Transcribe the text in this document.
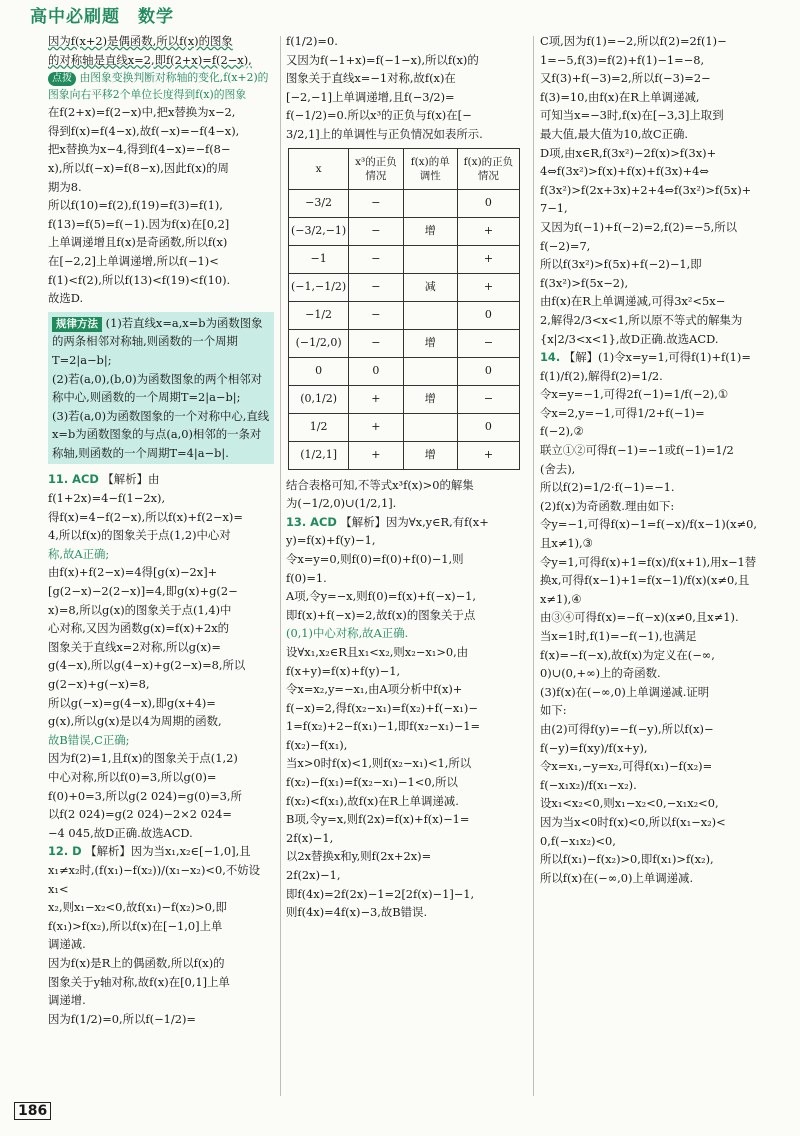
高中必刷题　数学

因为f(x+2)是偶函数,所以f(x)的图象

的对称轴是直线x=2,即f(2+x)=f(2−x),

点拨 由图象变换判断对称轴的变化,f(x+2)的图象向右平移2个单位长度得到f(x)的图象

在f(2+x)=f(2−x)中,把x替换为x−2,

得到f(x)=f(4−x),故f(−x)=−f(4−x),

把x替换为x−4,得到f(4−x)=−f(8−

x),所以f(−x)=f(8−x),因此f(x)的周

期为8.

所以f(10)=f(2),f(19)=f(3)=f(1),

f(13)=f(5)=f(−1).因为f(x)在[0,2]

上单调递增且f(x)是奇函数,所以f(x)

在[−2,2]上单调递增,所以f(−1)<

f(1)<f(2),所以f(13)<f(19)<f(10).

故选D.

规律方法 (1)若直线x=a,x=b为函数图象的两条相邻对称轴,则函数的一个周期T=2|a−b|;

(2)若(a,0),(b,0)为函数图象的两个相邻对称中心,则函数的一个周期T=2|a−b|;

(3)若(a,0)为函数图象的一个对称中心,直线x=b为函数图象的与点(a,0)相邻的一条对称轴,则函数的一个周期T=4|a−b|.

11. ACD 【解析】由f(1+2x)=4−f(1−2x),

得f(x)=4−f(2−x),所以f(x)+f(2−x)=

4,所以f(x)的图象关于点(1,2)中心对

称,故A正确;

由f(x)+f(2−x)=4得[g(x)−2x]+

[g(2−x)−2(2−x)]=4,即g(x)+g(2−

x)=8,所以g(x)的图象关于点(1,4)中

心对称,又因为函数g(x)=f(x)+2x的

图象关于直线x=2对称,所以g(x)=

g(4−x),所以g(4−x)+g(2−x)=8,所以

g(2−x)+g(−x)=8,

所以g(−x)=g(4−x),即g(x+4)=

g(x),所以g(x)是以4为周期的函数,

故B错误,C正确;

因为f(2)=1,且f(x)的图象关于点(1,2)

中心对称,所以f(0)=3,所以g(0)=

f(0)+0=3,所以g(2 024)=g(0)=3,所

以f(2 024)=g(2 024)−2×2 024=

−4 045,故D正确.故选ACD.

12. D 【解析】因为当x₁,x₂∈[−1,0],且

x₁≠x₂时,(f(x₁)−f(x₂))/(x₁−x₂)<0,不妨设x₁<

x₂,则x₁−x₂<0,故f(x₁)−f(x₂)>0,即

f(x₁)>f(x₂),所以f(x)在[−1,0]上单

调递减.

因为f(x)是R上的偶函数,所以f(x)的

图象关于y轴对称,故f(x)在[0,1]上单

调递增.

因为f(1/2)=0,所以f(−1/2)=

f(1/2)=0.

又因为f(−1+x)=f(−1−x),所以f(x)的

图象关于直线x=−1对称,故f(x)在

[−2,−1]上单调递增,且f(−3/2)=

f(−1/2)=0.所以x³的正负与f(x)在[−

3/2,1]上的单调性与正负情况如表所示.

x	x³的正负情况	f(x)的单调性	f(x)的正负情况
−3/2	−		0
(−3/2,−1)	−	增	+
−1	−		+
(−1,−1/2)	−	减	+
−1/2	−		0
(−1/2,0)	−	增	−
0	0		0
(0,1/2)	+	增	−
1/2	+		0
(1/2,1]	+	增	+

结合表格可知,不等式x³f(x)>0的解集

为(−1/2,0)∪(1/2,1].

13. ACD 【解析】因为∀x,y∈R,有f(x+

y)=f(x)+f(y)−1,

令x=y=0,则f(0)=f(0)+f(0)−1,则

f(0)=1.

A项,令y=−x,则f(0)=f(x)+f(−x)−1,

即f(x)+f(−x)=2,故f(x)的图象关于点

(0,1)中心对称,故A正确.

设∀x₁,x₂∈R且x₁<x₂,则x₂−x₁>0,由

f(x+y)=f(x)+f(y)−1,

令x=x₂,y=−x₁,由A项分析中f(x)+

f(−x)=2,得f(x₂−x₁)=f(x₂)+f(−x₁)−

1=f(x₂)+2−f(x₁)−1,即f(x₂−x₁)−1=

f(x₂)−f(x₁),

当x>0时f(x)<1,则f(x₂−x₁)<1,所以

f(x₂)−f(x₁)=f(x₂−x₁)−1<0,所以

f(x₂)<f(x₁),故f(x)在R上单调递减.

B项,令y=x,则f(2x)=f(x)+f(x)−1=

2f(x)−1,

以2x替换x和y,则f(2x+2x)=

2f(2x)−1,

即f(4x)=2f(2x)−1=2[2f(x)−1]−1,

则f(4x)=4f(x)−3,故B错误.

C项,因为f(1)=−2,所以f(2)=2f(1)−

1=−5,f(3)=f(2)+f(1)−1=−8,

又f(3)+f(−3)=2,所以f(−3)=2−

f(3)=10,由f(x)在R上单调递减,

可知当x=−3时,f(x)在[−3,3]上取到

最大值,最大值为10,故C正确.

D项,由x∈R,f(3x²)−2f(x)>f(3x)+

4⇔f(3x²)>f(x)+f(x)+f(3x)+4⇔

f(3x²)>f(2x+3x)+2+4⇔f(3x²)>f(5x)+

7−1,

又因为f(−1)+f(−2)=2,f(2)=−5,所以

f(−2)=7,

所以f(3x²)>f(5x)+f(−2)−1,即

f(3x²)>f(5x−2),

由f(x)在R上单调递减,可得3x²<5x−

2,解得2/3<x<1,所以原不等式的解集为

{x|2/3<x<1},故D正确.故选ACD.

14. 【解】(1)令x=y=1,可得f(1)+f(1)=

f(1)/f(2),解得f(2)=1/2.

令x=y=−1,可得2f(−1)=1/f(−2),①

令x=2,y=−1,可得1/2+f(−1)=

f(−2),②

联立①②可得f(−1)=−1或f(−1)=1/2

(舍去),

所以f(2)=1/2·f(−1)=−1.

(2)f(x)为奇函数.理由如下:

令y=−1,可得f(x)−1=f(−x)/f(x−1)(x≠0,

且x≠1),③

令y=1,可得f(x)+1=f(x)/f(x+1),用x−1替

换x,可得f(x−1)+1=f(x−1)/f(x)(x≠0,且

x≠1),④

由③④可得f(x)=−f(−x)(x≠0,且x≠1).

当x=1时,f(1)=−f(−1),也满足

f(x)=−f(−x),故f(x)为定义在(−∞,

0)∪(0,+∞)上的奇函数.

(3)f(x)在(−∞,0)上单调递减.证明

如下:

由(2)可得f(y)=−f(−y),所以f(x)−

f(−y)=f(xy)/f(x+y),

令x=x₁,−y=x₂,可得f(x₁)−f(x₂)=

f(−x₁x₂)/f(x₁−x₂).

设x₁<x₂<0,则x₁−x₂<0,−x₁x₂<0,

因为当x<0时f(x)<0,所以f(x₁−x₂)<

0,f(−x₁x₂)<0,

所以f(x₁)−f(x₂)>0,即f(x₁)>f(x₂),

所以f(x)在(−∞,0)上单调递减.

186
